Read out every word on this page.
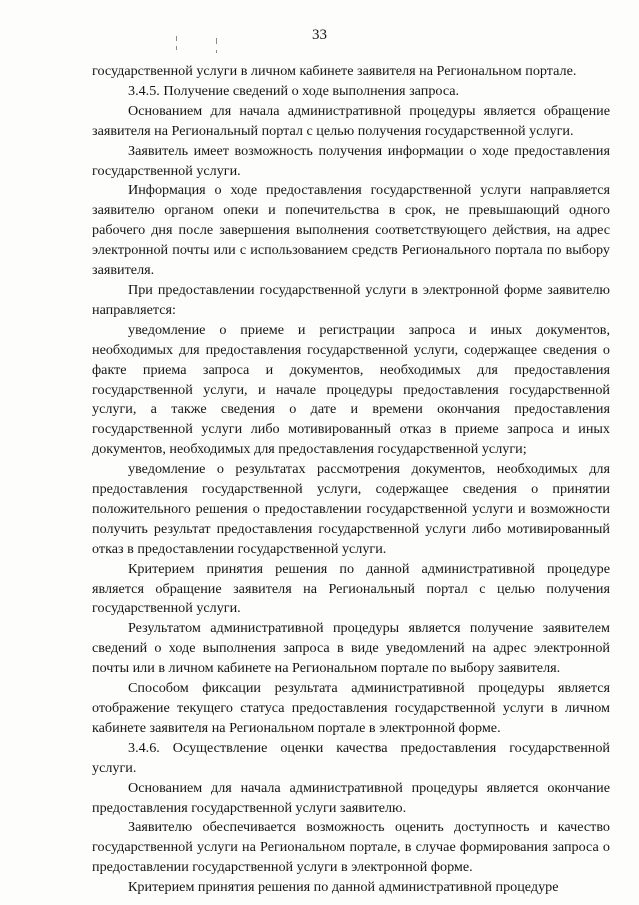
33

государственной услуги в личном кабинете заявителя на Региональном портале.

3.4.5. Получение сведений о ходе выполнения запроса.

Основанием для начала административной процедуры является обращение заявителя на Региональный портал с целью получения государственной услуги.

Заявитель имеет возможность получения информации о ходе предоставления государственной услуги.

Информация о ходе предоставления государственной услуги направляется заявителю органом опеки и попечительства в срок, не превышающий одного рабочего дня после завершения выполнения соответствующего действия, на адрес электронной почты или с использованием средств Регионального портала по выбору заявителя.

При предоставлении государственной услуги в электронной форме заявителю направляется:

уведомление о приеме и регистрации запроса и иных документов, необходимых для предоставления государственной услуги, содержащее сведения о факте приема запроса и документов, необходимых для предоставления государственной услуги, и начале процедуры предоставления государственной услуги, а также сведения о дате и времени окончания предоставления государственной услуги либо мотивированный отказ в приеме запроса и иных документов, необходимых для предоставления государственной услуги;

уведомление о результатах рассмотрения документов, необходимых для предоставления государственной услуги, содержащее сведения о принятии положительного решения о предоставлении государственной услуги и возможности получить результат предоставления государственной услуги либо мотивированный отказ в предоставлении государственной услуги.

Критерием принятия решения по данной административной процедуре является обращение заявителя на Региональный портал с целью получения государственной услуги.

Результатом административной процедуры является получение заявителем сведений о ходе выполнения запроса в виде уведомлений на адрес электронной почты или в личном кабинете на Региональном портале по выбору заявителя.

Способом фиксации результата административной процедуры является отображение текущего статуса предоставления государственной услуги в личном кабинете заявителя на Региональном портале в электронной форме.

3.4.6. Осуществление оценки качества предоставления государственной услуги.

Основанием для начала административной процедуры является окончание предоставления государственной услуги заявителю.

Заявителю обеспечивается возможность оценить доступность и качество государственной услуги на Региональном портале, в случае формирования запроса о предоставлении государственной услуги в электронной форме.

Критерием принятия решения по данной административной процедуре
